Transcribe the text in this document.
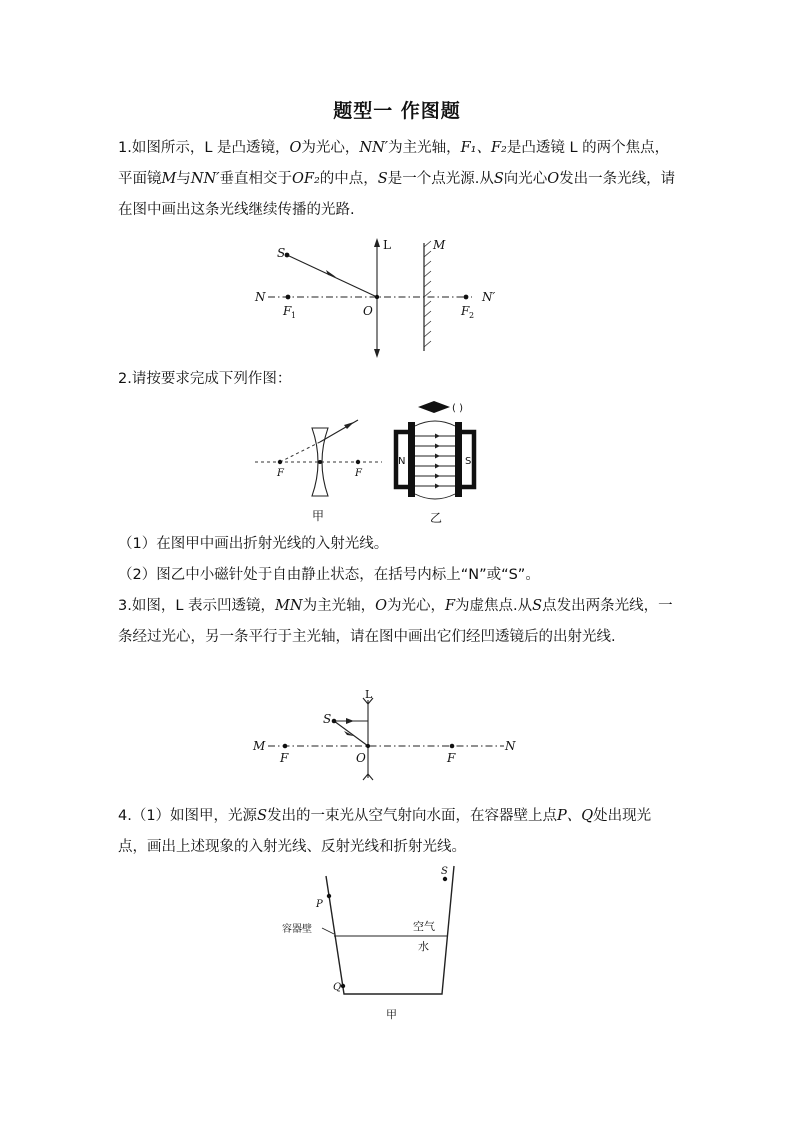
题型一 作图题

1.如图所示，L 是凸透镜，O为光心，NN′为主光轴，F₁、F₂是凸透镜 L 的两个焦点，平面镜M与NN′垂直相交于OF₂的中点，S是一个点光源.从S向光心O发出一条光线，请在图中画出这条光线继续传播的光路.

S
L	M
N	N′
F 1	O	F 2

2.请按要求完成下列作图：

F	F
甲
( )
N	S
乙

（1）在图甲中画出折射光线的入射光线。

（2）图乙中小磁针处于自由静止状态，在括号内标上“N”或“S”。

3.如图，L 表示凹透镜，MN为主光轴，O为光心，F为虚焦点.从S点发出两条光线，一条经过光心，另一条平行于主光轴，请在图中画出它们经凹透镜后的出射光线.

L
S
M	N
F	O	F

4.（1）如图甲，光源S发出的一束光从空气射向水面，在容器壁上点P、Q处出现光点，画出上述现象的入射光线、反射光线和折射光线。

S
P
Q
容器壁	空气
水
甲
